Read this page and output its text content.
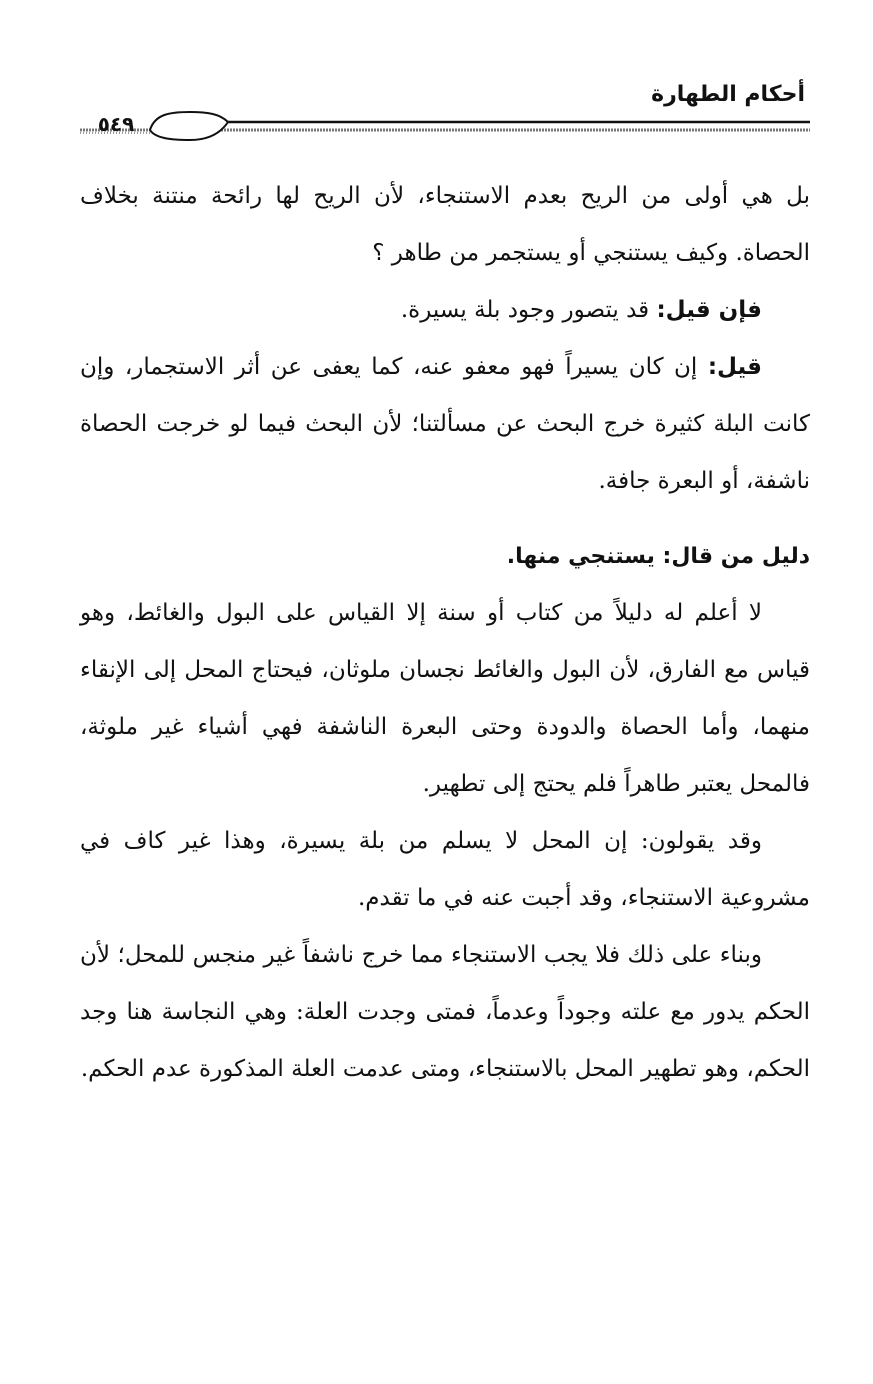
أحكام الطهارة
٥٤٩

بل هي أولى من الريح بعدم الاستنجاء، لأن الريح لها رائحة منتنة بخلاف الحصاة. وكيف يستنجي أو يستجمر من طاهر ؟

فإن قيل: قد يتصور وجود بلة يسيرة.

قيل: إن كان يسيراً فهو معفو عنه، كما يعفى عن أثر الاستجمار، وإن كانت البلة كثيرة خرج البحث عن مسألتنا؛ لأن البحث فيما لو خرجت الحصاة ناشفة، أو البعرة جافة.

دليل من قال: يستنجي منها.

لا أعلم له دليلاً من كتاب أو سنة إلا القياس على البول والغائط، وهو قياس مع الفارق، لأن البول والغائط نجسان ملوثان، فيحتاج المحل إلى الإنقاء منهما، وأما الحصاة والدودة وحتى البعرة الناشفة فهي أشياء غير ملوثة، فالمحل يعتبر طاهراً فلم يحتج إلى تطهير.

وقد يقولون: إن المحل لا يسلم من بلة يسيرة، وهذا غير كاف في مشروعية الاستنجاء، وقد أجبت عنه في ما تقدم.

وبناء على ذلك فلا يجب الاستنجاء مما خرج ناشفاً غير منجس للمحل؛ لأن الحكم يدور مع علته وجوداً وعدماً، فمتى وجدت العلة: وهي النجاسة هنا وجد الحكم، وهو تطهير المحل بالاستنجاء، ومتى عدمت العلة المذكورة عدم الحكم.
